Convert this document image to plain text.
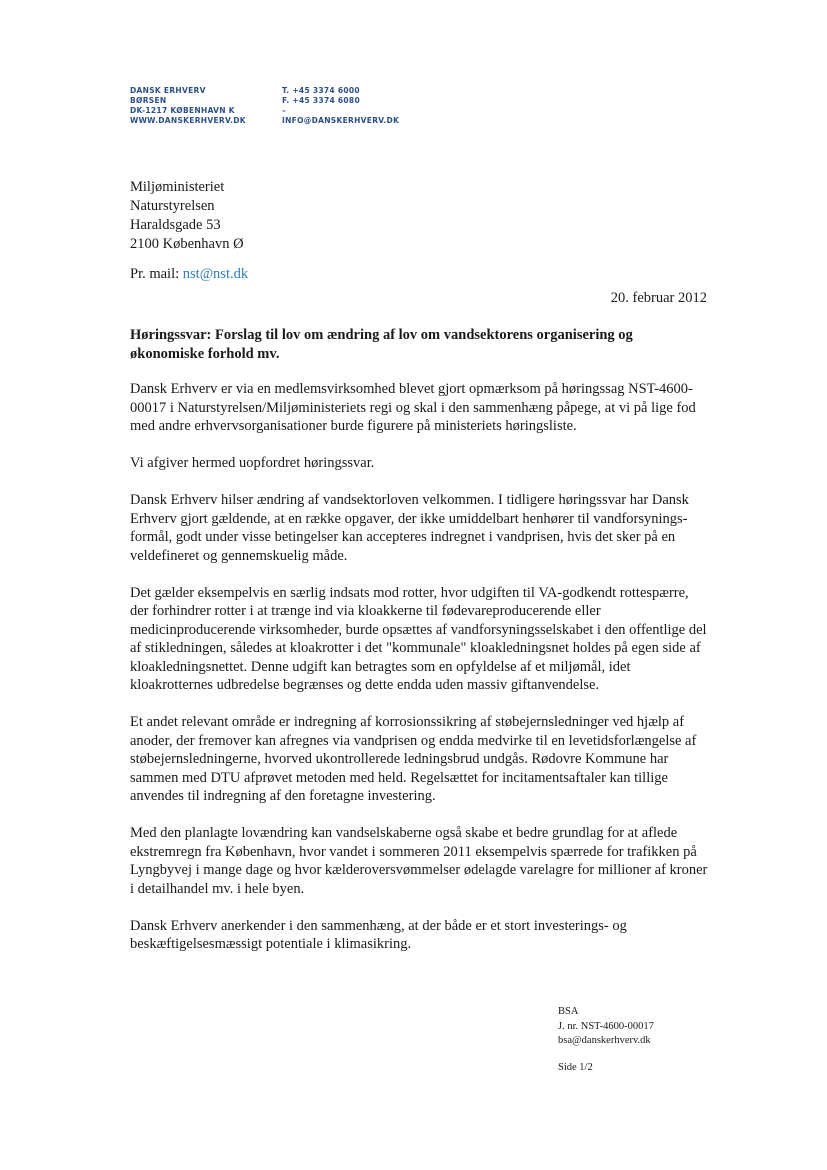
DANSK ERHVERV
BØRSEN
DK-1217 KØBENHAVN K
WWW.DANSKERHVERV.DK
T. +45 3374 6000
F. +45 3374 6080
–
INFO@DANSKERHVERV.DK
Miljøministeriet
Naturstyrelsen
Haraldsgade 53
2100 København Ø
Pr. mail: nst@nst.dk
20. februar 2012
Høringssvar: Forslag til lov om ændring af lov om vandsektorens organisering og økonomiske forhold mv.

Dansk Erhverv er via en medlemsvirksomhed blevet gjort opmærksom på høringssag NST-4600-00017 i Naturstyrelsen/Miljøministeriets regi og skal i den sammenhæng påpege, at vi på lige fod med andre erhvervsorganisationer burde figurere på ministeriets høringsliste.

Vi afgiver hermed uopfordret høringssvar.

Dansk Erhverv hilser ændring af vandsektorloven velkommen. I tidligere høringssvar har Dansk Erhverv gjort gældende, at en række opgaver, der ikke umiddelbart henhører til vandforsynings-formål, godt under visse betingelser kan accepteres indregnet i vandprisen, hvis det sker på en veldefineret og gennemskuelig måde.

Det gælder eksempelvis en særlig indsats mod rotter, hvor udgiften til VA-godkendt rottespærre, der forhindrer rotter i at trænge ind via kloakkerne til fødevareproducerende eller medicinproducerende virksomheder, burde opsættes af vandforsyningsselskabet i den offentlige del af stikledningen, således at kloakrotter i det "kommunale" kloakledningsnet holdes på egen side af kloakledningsnettet. Denne udgift kan betragtes som en opfyldelse af et miljømål, idet kloakrotternes udbredelse begrænses og dette endda uden massiv giftanvendelse.

Et andet relevant område er indregning af korrosionssikring af støbejernsledninger ved hjælp af anoder, der fremover kan afregnes via vandprisen og endda medvirke til en levetidsforlængelse af støbejernsledningerne, hvorved ukontrollerede ledningsbrud undgås. Rødovre Kommune har sammen med DTU afprøvet metoden med held. Regelsættet for incitamentsaftaler kan tillige anvendes til indregning af den foretagne investering.

Med den planlagte lovændring kan vandselskaberne også skabe et bedre grundlag for at aflede ekstremregn fra København, hvor vandet i sommeren 2011 eksempelvis spærrede for trafikken på Lyngbyvej i mange dage og hvor kælderoversvømmelser ødelagde varelagre for millioner af kroner i detailhandel mv. i hele byen.

Dansk Erhverv anerkender i den sammenhæng, at der både er et stort investerings- og beskæftigelsesmæssigt potentiale i klimasikring.

BSA
J. nr. NST-4600-00017
bsa@danskerhverv.dk
Side 1/2
